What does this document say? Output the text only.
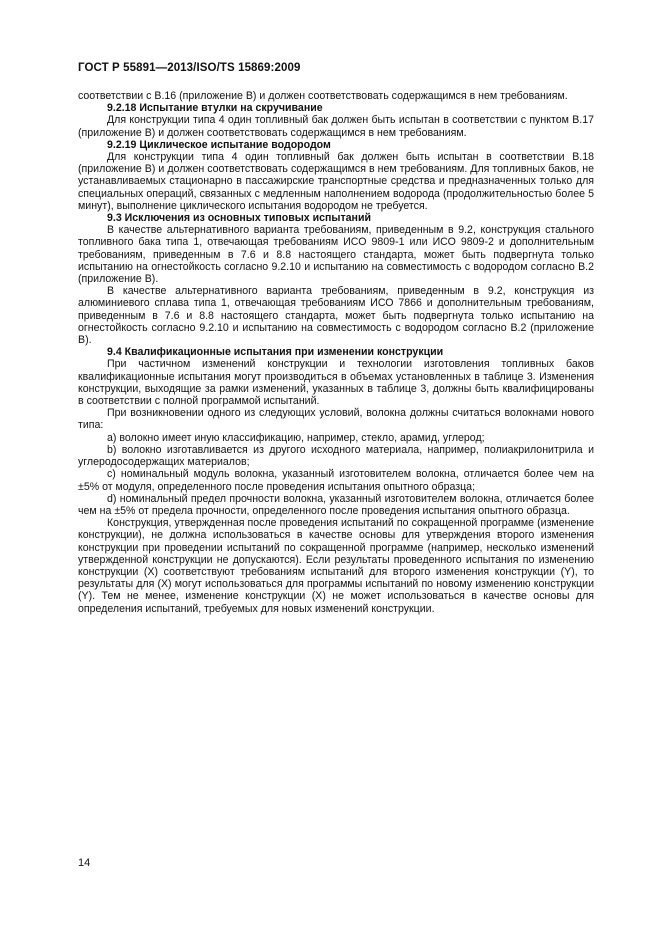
ГОСТ Р 55891—2013/ISO/TS 15869:2009

соответствии с В.16 (приложение В) и должен соответствовать содержащимся в нем требованиям.

9.2.18 Испытание втулки на скручивание

Для конструкции типа 4 один топливный бак должен быть испытан в соответствии с пунктом В.17 (приложение В) и должен соответствовать содержащимся в нем требованиям.

9.2.19 Циклическое испытание водородом

Для конструкции типа 4 один топливный бак должен быть испытан в соответствии В.18 (приложение В) и должен соответствовать содержащимся в нем требованиям. Для топливных баков, не устанавливаемых стационарно в пассажирские транспортные средства и предназначенных только для специальных операций, связанных с медленным наполнением водорода (продолжительностью более 5 минут), выполнение циклического испытания водородом не требуется.

9.3 Исключения из основных типовых испытаний

В качестве альтернативного варианта требованиям, приведенным в 9.2, конструкция стального топливного бака типа 1, отвечающая требованиям ИСО 9809-1 или ИСО 9809-2 и дополнительным требованиям, приведенным в 7.6 и 8.8 настоящего стандарта, может быть подвергнута только испытанию на огнестойкость согласно 9.2.10 и испытанию на совместимость с водородом согласно В.2 (приложение В).

В качестве альтернативного варианта требованиям, приведенным в 9.2, конструкция из алюминиевого сплава типа 1, отвечающая требованиям ИСО 7866 и дополнительным требованиям, приведенным в 7.6 и 8.8 настоящего стандарта, может быть подвергнута только испытанию на огнестойкость согласно 9.2.10 и испытанию на совместимость с водородом согласно В.2 (приложение В).

9.4 Квалификационные испытания при изменении конструкции

При частичном изменений конструкции и технологии изготовления топливных баков квалификационные испытания могут производиться в объемах установленных в таблице 3. Изменения конструкции, выходящие за рамки изменений, указанных в таблице 3, должны быть квалифицированы в соответствии с полной программой испытаний.

При возникновении одного из следующих условий, волокна должны считаться волокнами нового типа:

а) волокно имеет иную классификацию, например, стекло, арамид, углерод;

b) волокно изготавливается из другого исходного материала, например, полиакрилонитрила и углеродосодержащих материалов;

c) номинальный модуль волокна, указанный изготовителем волокна, отличается более чем на ±5% от модуля, определенного после проведения испытания опытного образца;

d) номинальный предел прочности волокна, указанный изготовителем волокна, отличается более чем на ±5% от предела прочности, определенного после проведения испытания опытного образца.

Конструкция, утвержденная после проведения испытаний по сокращенной программе (изменение конструкции), не должна использоваться в качестве основы для утверждения второго изменения конструкции при проведении испытаний по сокращенной программе (например, несколько изменений утвержденной конструкции не допускаются). Если результаты проведенного испытания по изменению конструкции (X) соответствуют требованиям испытаний для второго изменения конструкции (Y), то результаты для (X) могут использоваться для программы испытаний по новому изменению конструкции (Y). Тем не менее, изменение конструкции (X) не может использоваться в качестве основы для определения испытаний, требуемых для новых изменений конструкции.

14
